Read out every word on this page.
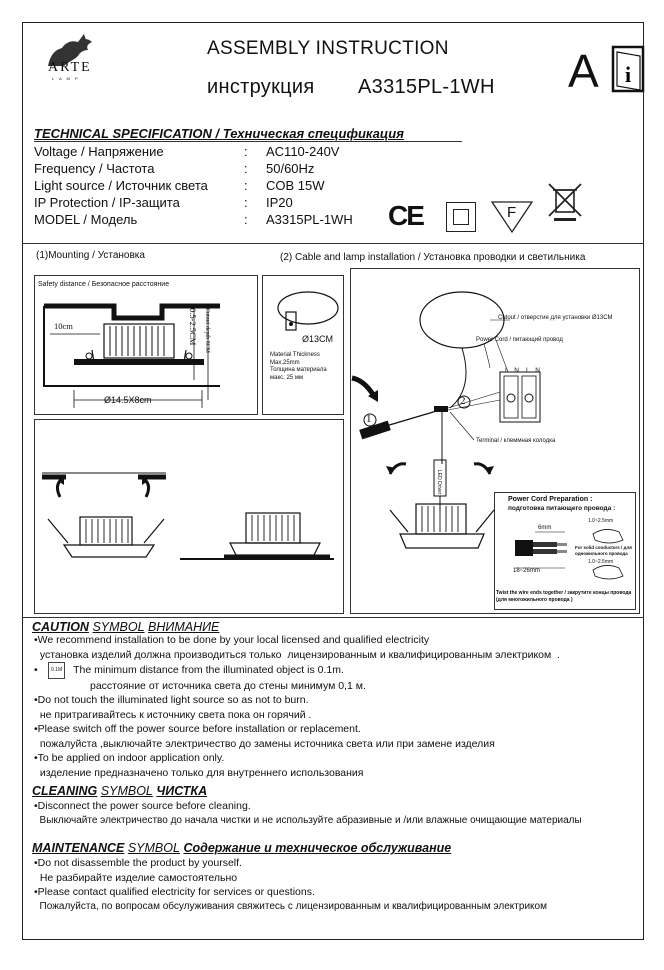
ARTE
L A M P
ASSEMBLY INSTRUCTION
инструкция A3315PL-1WH A i
TECHNICAL SPECIFICATION / Техническая спецификация
Voltage / Напряжение	:	AC110-240V
Frequency / Частота	:	50/60Hz
Light source / Источник света	:	COB 15W
IP Protection / IP-защита	:	IP20
MODEL / Модель	:	A3315PL-1WH CE	F
(1)Mounting / Установка	(2) Cable and lamp installation / Установка проводки и светильника
Safety distance / Безопасное расстояние
10cm	0.5-2.5CM Cutout depth 8CM
Ø14.5X8cm
Ø13CM
Material Thickness
Max.25mm
Толщина материала
макс. 25 мм
1
2
Cutout / отверстие для установки Ø13CM
Power Cord / питающий провод
Terminal / клеммная колодка
LED Driver
L N L N
Power Cord Preparation :
подготовка питающего провода :
6mm
18~26mm
1.0~2.5mm
1.0~2.5mm
For solid conductors / для одножильного провода
Twist the wire ends together / закрутите концы провода (для многожильного провода )
CAUTION SYMBOL ВНИМАНИЕ
•We recommend installation to be done by your local licensed and qualified electricity
установка изделий должна производиться только  лицензированным и квалифицированным электриком  .
•	0.1M The minimum distance from the illuminated object is 0.1m.
расстояние от источника света до стены минимум 0,1 м.
•Do not touch the illuminated light source so as not to burn.
не притрагивайтесь к источнику света пока он горячий .
•Please switch off the power source before installation or replacement.
пожалуйста ,выключайте электричество до замены источника света или при замене изделия
•To be applied on indoor application only.
изделение предназначено только для внутреннего использования
CLEANING SYMBOL ЧИСТКА
•Disconnect the power source before cleaning.
Выключайте электричество до начала чистки и не используйте абразивные и /или влажные очищающие материалы
MAINTENANCE SYMBOL Содержание и техническое обслуживание
•Do not disassemble the product by yourself.
Не разбирайте изделие самостоятельно
•Please contact qualified electricity for services or questions.
Пожалуйста, по вопросам обсулуживания свяжитесь с лицензированным и квалифицированным электриком
